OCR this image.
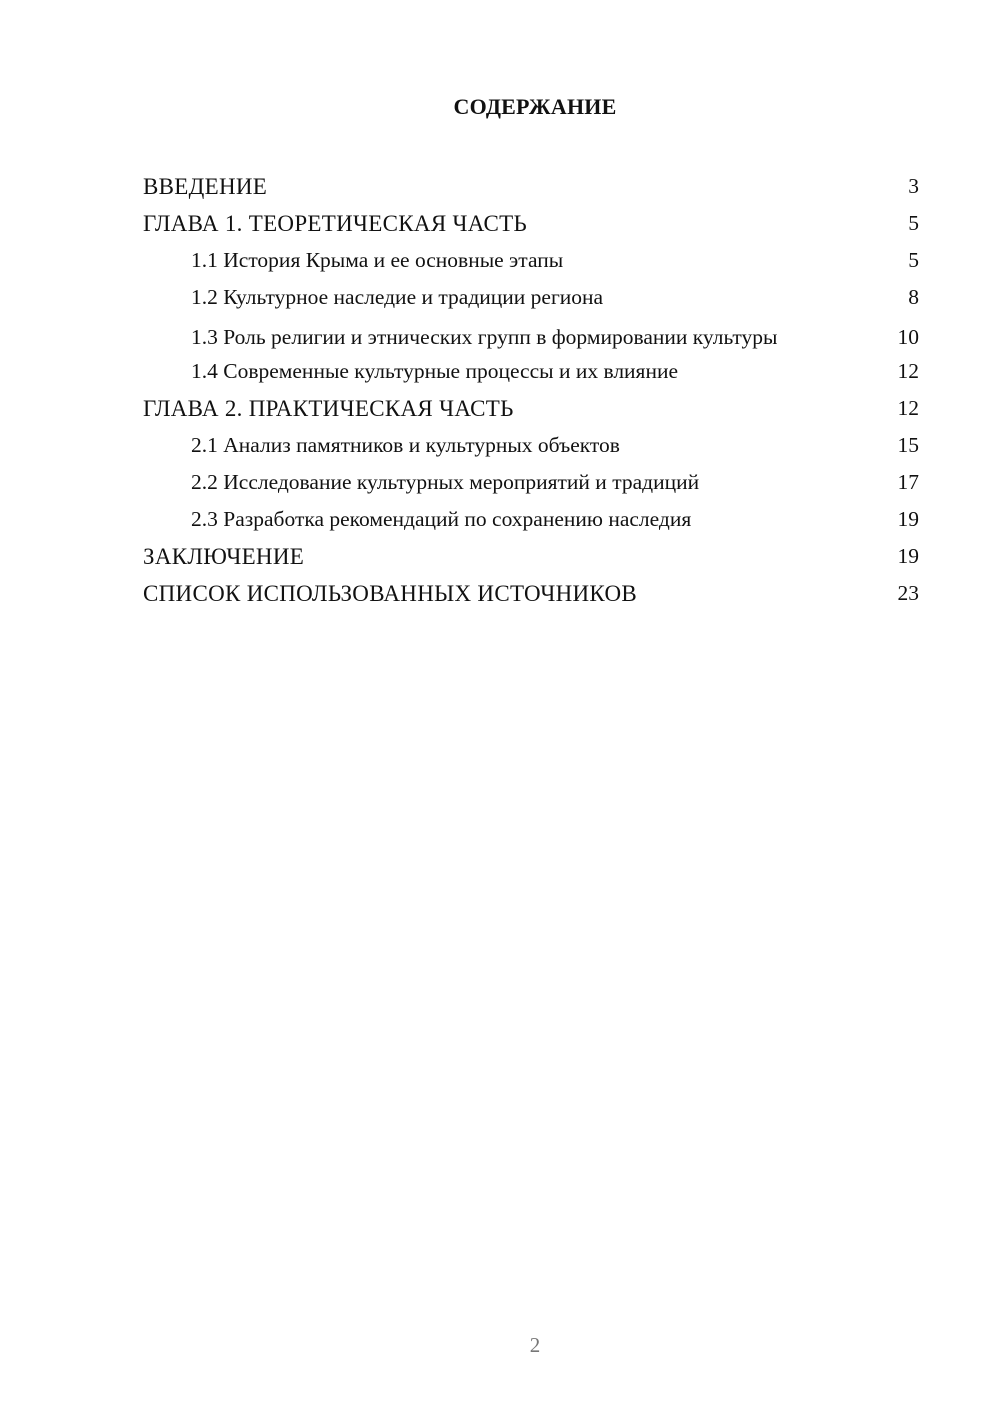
СОДЕРЖАНИЕ
ВВЕДЕНИЕ	3
ГЛАВА 1. ТЕОРЕТИЧЕСКАЯ ЧАСТЬ	5
1.1 История Крыма и ее основные этапы	5
1.2 Культурное наследие и традиции региона	8
1.3 Роль религии и этнических групп в формировании культуры	10
1.4 Современные культурные процессы и их влияние	12
ГЛАВА 2. ПРАКТИЧЕСКАЯ ЧАСТЬ	12
2.1 Анализ памятников и культурных объектов	15
2.2 Исследование культурных мероприятий и традиций	17
2.3 Разработка рекомендаций по сохранению наследия	19
ЗАКЛЮЧЕНИЕ	19
СПИСОК ИСПОЛЬЗОВАННЫХ ИСТОЧНИКОВ	23
2
